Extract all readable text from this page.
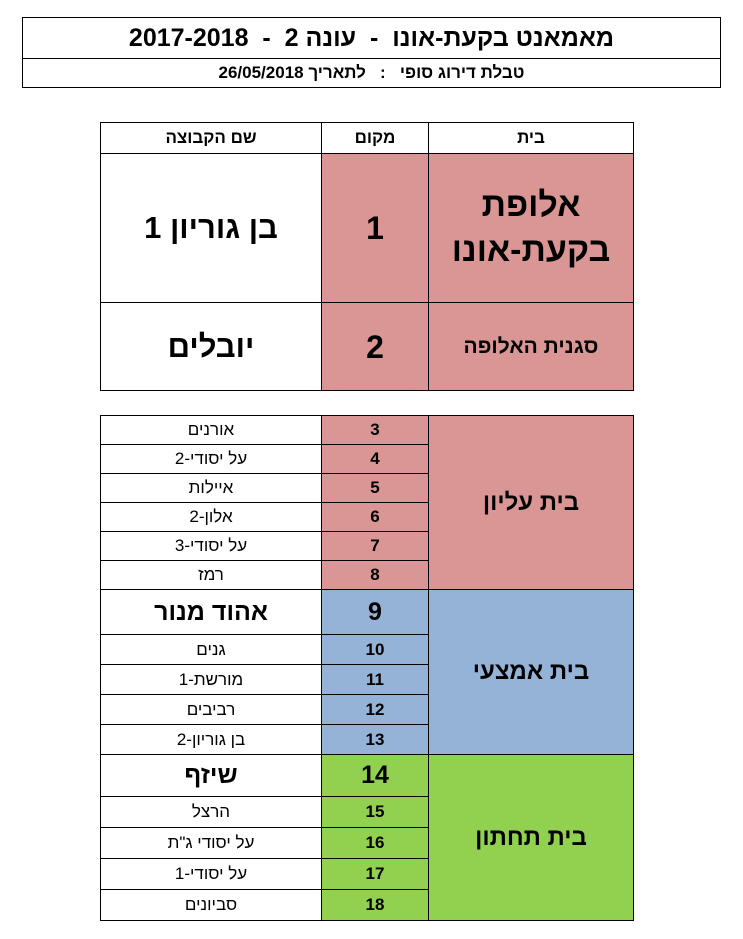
מאמאנט בקעת-אונו  -  עונה 2  -  2017-2018
טבלת דירוג סופי   :   לתאריך 26/05/2018
בית	מקום	שם הקבוצה
אלופת בקעת-אונו	1	בן גוריון 1
סגנית האלופה	2	יובלים
בית עליון	3	אורנים
	4	על יסודי-2
	5	איילות
	6	אלון-2
	7	על יסודי-3
	8	רמז
בית אמצעי	9	אהוד מנור
	10	גנים
	11	מורשת-1
	12	רביבים
	13	בן גוריון-2
בית תחתון	14	שיזף
	15	הרצל
	16	על יסודי ג"ת
	17	על יסודי-1
	18	סביונים
